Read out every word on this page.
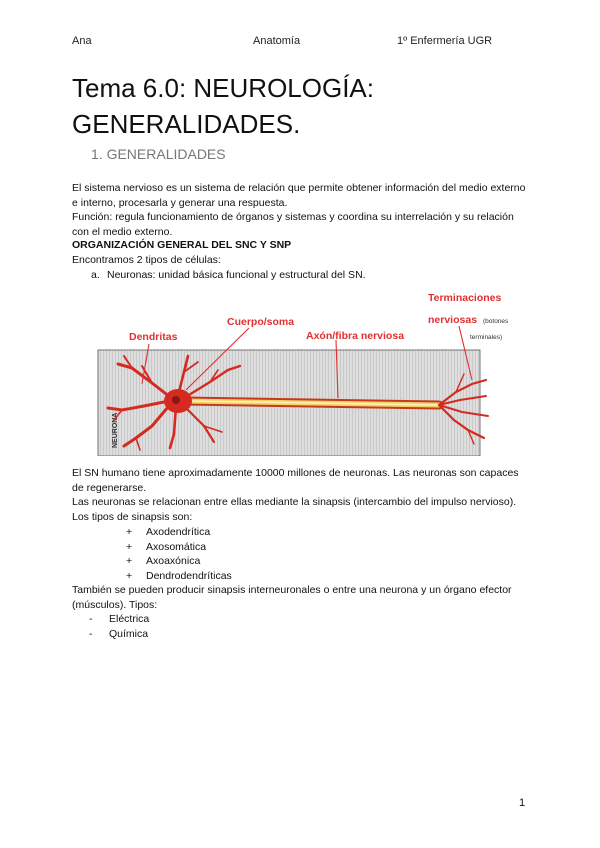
Ana	Anatomía	1º Enfermería UGR
Tema 6.0: NEUROLOGÍA: GENERALIDADES.
1. GENERALIDADES
El sistema nervioso es un sistema de relación que permite obtener información del medio externo e interno, procesarla y generar una respuesta.
Función: regula funcionamiento de órganos y sistemas y coordina su interrelación y su relación con el medio externo.
ORGANIZACIÓN GENERAL DEL SNC Y SNP
Encontramos 2 tipos de células:
a. Neuronas: unidad básica funcional y estructural del SN.
NEURONA
Dendritas
Cuerpo/soma
Axón/fibra nerviosa
Terminaciones
nerviosas (botones
terminales)
El SN humano tiene aproximadamente 10000 millones de neuronas. Las neuronas son capaces de regenerarse.
Las neuronas se relacionan entre ellas mediante la sinapsis (intercambio del impulso nervioso). Los tipos de sinapsis son:
+ Axodendrítica
+ Axosomática
+ Axoaxónica
+ Dendrodendríticas
También se pueden producir sinapsis interneuronales o entre una neurona y un órgano efector (músculos). Tipos:
- Eléctrica
- Química
1
